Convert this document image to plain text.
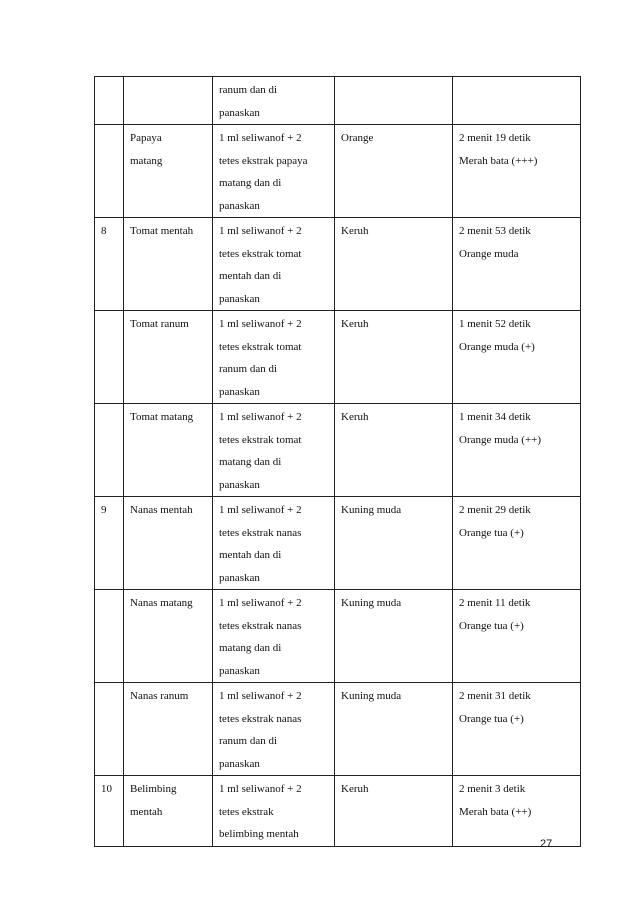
		ranum dan di
panaskan		

	Papaya
matang	1 ml seliwanof + 2
tetes ekstrak papaya
matang dan di
panaskan	Orange	2 menit 19 detik
Merah bata (+++)

8	Tomat mentah	1 ml seliwanof + 2
tetes ekstrak tomat
mentah dan di
panaskan	Keruh	2 menit 53 detik
Orange muda

	Tomat ranum	1 ml seliwanof + 2
tetes ekstrak tomat
ranum dan di
panaskan	Keruh	1 menit 52 detik
Orange muda (+)

	Tomat matang	1 ml seliwanof + 2
tetes ekstrak tomat
matang dan di
panaskan	Keruh	1 menit 34 detik
Orange muda (++)

9	Nanas mentah	1 ml seliwanof + 2
tetes ekstrak nanas
mentah dan di
panaskan	Kuning muda	2 menit 29 detik
Orange tua (+)

	Nanas matang	1 ml seliwanof + 2
tetes ekstrak nanas
matang dan di
panaskan	Kuning muda	2 menit 11 detik
Orange tua (+)

	Nanas ranum	1 ml seliwanof + 2
tetes ekstrak nanas
ranum dan di
panaskan	Kuning muda	2 menit 31 detik
Orange tua (+)

10	Belimbing
mentah	1 ml seliwanof + 2
tetes ekstrak
belimbing mentah	Keruh	2 menit 3 detik
Merah bata (++)
27
